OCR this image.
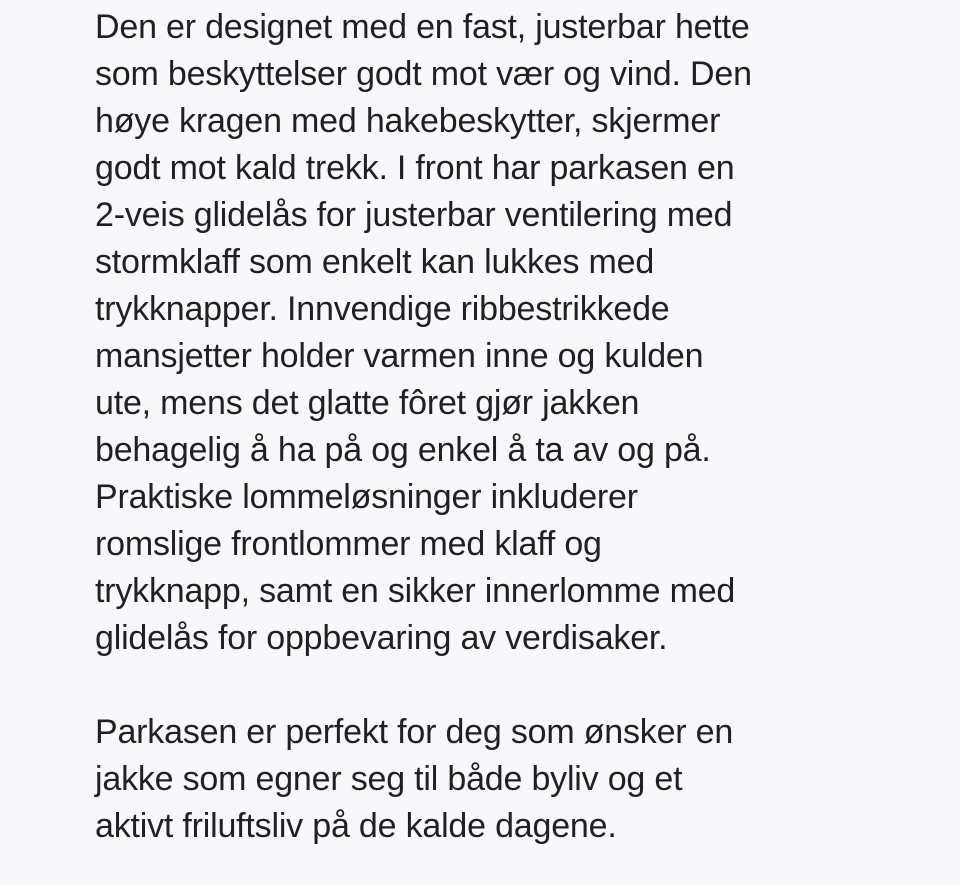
Den er designet med en fast, justerbar hette
som beskyttelser godt mot vær og vind. Den
høye kragen med hakebeskytter, skjermer
godt mot kald trekk. I front har parkasen en
2-veis glidelås for justerbar ventilering med
stormklaff som enkelt kan lukkes med
trykknapper. Innvendige ribbestrikkede
mansjetter holder varmen inne og kulden
ute, mens det glatte fôret gjør jakken
behagelig å ha på og enkel å ta av og på.
Praktiske lommeløsninger inkluderer
romslige frontlommer med klaff og
trykknapp, samt en sikker innerlomme med
glidelås for oppbevaring av verdisaker.

Parkasen er perfekt for deg som ønsker en
jakke som egner seg til både byliv og et
aktivt friluftsliv på de kalde dagene.
